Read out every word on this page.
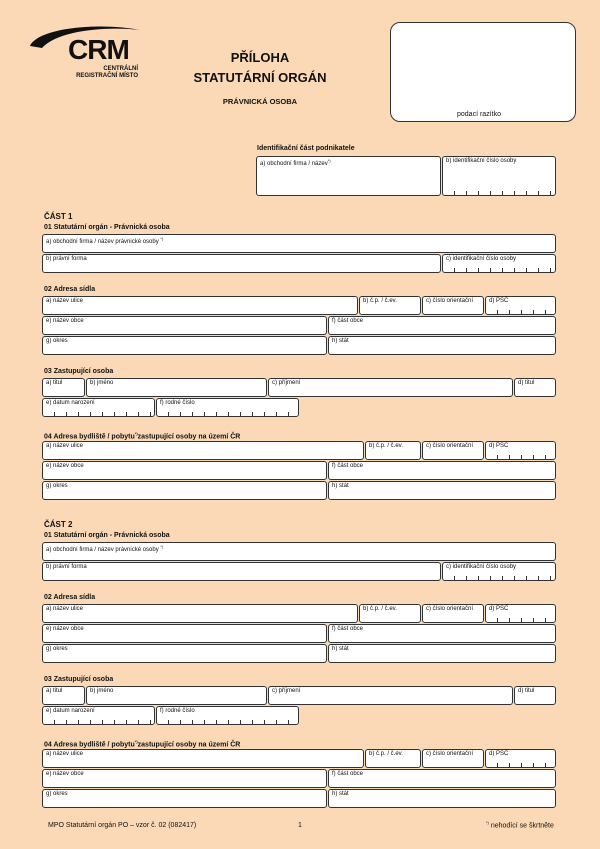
CRM
CENTRÁLNÍ
REGISTRAČNÍ MÍSTO
PŘÍLOHA
STATUTÁRNÍ ORGÁN
PRÁVNICKÁ OSOBA
podací razítko
Identifikační část podnikatele
a) obchodní firma / název*)	b) identifikační číslo osoby
ČÁST 1
01 Statutární orgán - Právnická osoba
a) obchodní firma / název právnické osoby *)
b) právní forma	c) identifikační číslo osoby
02 Adresa sídla
a) název ulice	b) č.p. / č.ev.	c) číslo orientační	d) PSČ
e) název obce	f) část obce
g) okres	h) stát
03 Zastupující osoba
a) titul	b) jméno	c) příjmení	d) titul
e) datum narození	f) rodné číslo
04 Adresa bydliště / pobytu*)zastupující osoby na území ČR
a) název ulice	b) č.p. / č.ev.	c) číslo orientační	d) PSČ
e) název obce	f) část obce
g) okres	h) stát
ČÁST 2
01 Statutární orgán - Právnická osoba
a) obchodní firma / název právnické osoby *)
b) právní forma	c) identifikační číslo osoby
02 Adresa sídla
a) název ulice	b) č.p. / č.ev.	c) číslo orientační	d) PSČ
e) název obce	f) část obce
g) okres	h) stát
03 Zastupující osoba
a) titul	b) jméno	c) příjmení	d) titul
e) datum narození	f) rodné číslo
04 Adresa bydliště / pobytu*)zastupující osoby na území ČR
a) název ulice	b) č.p. / č.ev.	c) číslo orientační	d) PSČ
e) název obce	f) část obce
g) okres	h) stát
MPO Statutární orgán PO – vzor č. 02 (082417)	1	*) nehodící se škrtněte
